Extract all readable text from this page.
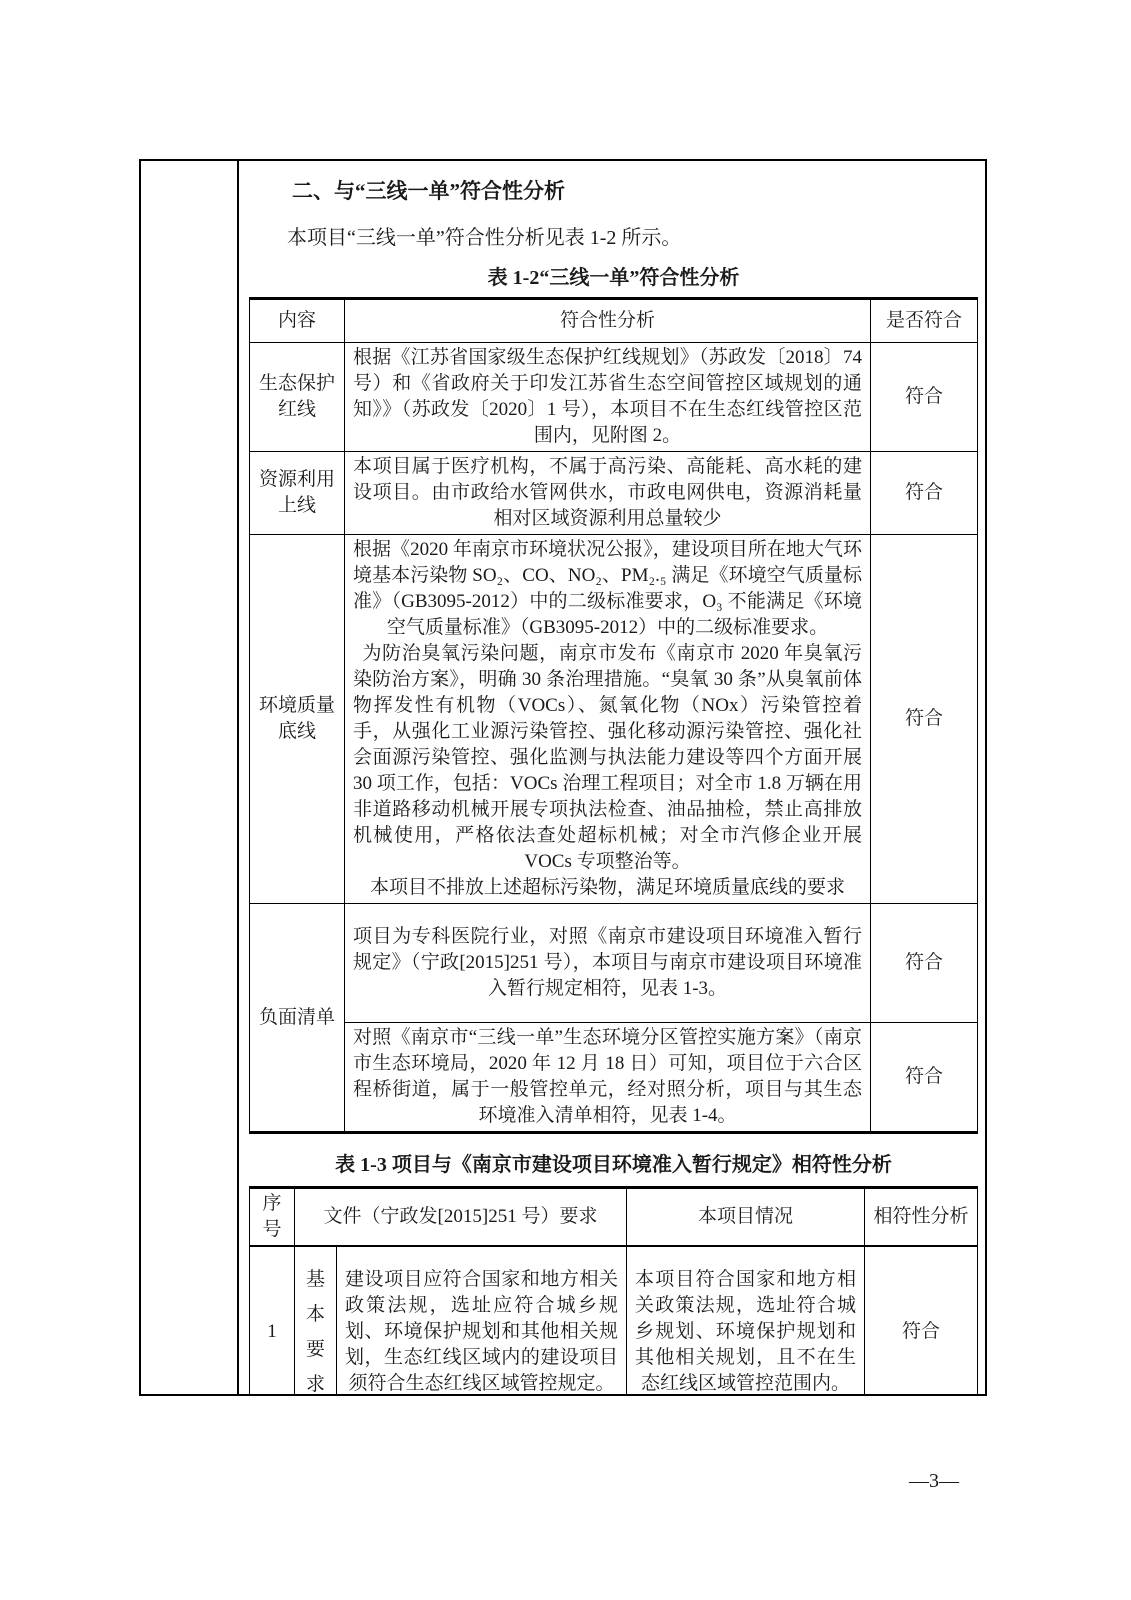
二、与“三线一单”符合性分析
本项目“三线一单”符合性分析见表 1-2 所示。
表 1-2“三线一单”符合性分析
内容	符合性分析	是否符合
生态保护红线	根据《江苏省国家级生态保护红线规划》（苏政发〔2018〕74 号）和《省政府关于印发江苏省生态空间管控区域规划的通知》》（苏政发〔2020〕1 号），本项目不在生态红线管控区范围内，见附图 2。	符合
资源利用上线	本项目属于医疗机构，不属于高污染、高能耗、高水耗的建设项目。由市政给水管网供水，市政电网供电，资源消耗量相对区域资源利用总量较少	符合
环境质量底线	根据《2020 年南京市环境状况公报》，建设项目所在地大气环境基本污染物 SO₂、CO、NO₂、PM₂.₅ 满足《环境空气质量标准》（GB3095-2012）中的二级标准要求，O₃ 不能满足《环境空气质量标准》（GB3095-2012）中的二级标准要求。

为防治臭氧污染问题，南京市发布《南京市 2020 年臭氧污染防治方案》，明确 30 条治理措施。“臭氧 30 条”从臭氧前体物挥发性有机物（VOCs）、氮氧化物（NOx）污染管控着手，从强化工业源污染管控、强化移动源污染管控、强化社会面源污染管控、强化监测与执法能力建设等四个方面开展 30 项工作，包括：VOCs 治理工程项目；对全市 1.8 万辆在用非道路移动机械开展专项执法检查、油品抽检，禁止高排放机械使用，严格依法查处超标机械；对全市汽修企业开展 VOCs 专项整治等。

本项目不排放上述超标污染物，满足环境质量底线的要求	符合
负面清单	项目为专科医院行业，对照《南京市建设项目环境准入暂行规定》（宁政[2015]251 号），本项目与南京市建设项目环境准入暂行规定相符，见表 1-3。	符合

	对照《南京市“三线一单”生态环境分区管控实施方案》（南京市生态环境局，2020 年 12 月 18 日）可知，项目位于六合区程桥街道，属于一般管控单元，经对照分析，项目与其生态环境准入清单相符，见表 1-4。	符合
表 1-3 项目与《南京市建设项目环境准入暂行规定》相符性分析
序号	文件（宁政发[2015]251 号）要求		本项目情况	相符性分析
1	基本要求	建设项目应符合国家和地方相关政策法规，选址应符合城乡规划、环境保护规划和其他相关规划，生态红线区域内的建设项目须符合生态红线区域管控规定。	本项目符合国家和地方相关政策法规，选址符合城乡规划、环境保护规划和其他相关规划，且不在生态红线区域管控范围内。	符合
—3—
